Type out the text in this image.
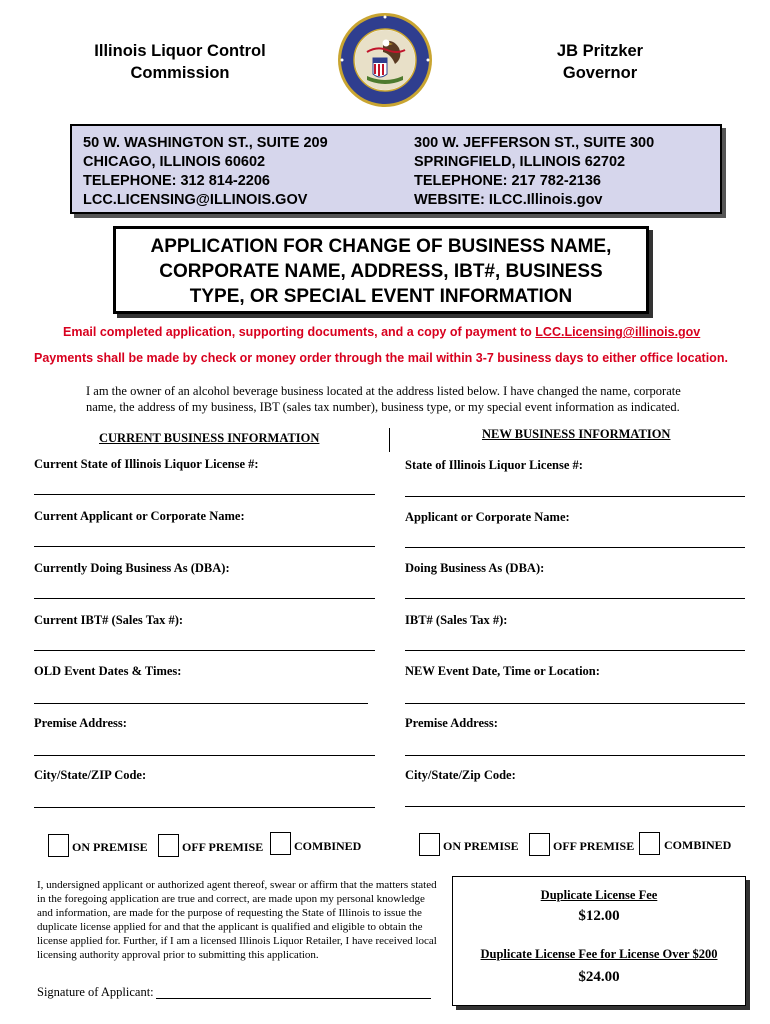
Illinois Liquor Control
Commission
JB Pritzker
Governor
50 W. WASHINGTON ST., SUITE 209
CHICAGO, ILLINOIS 60602
TELEPHONE: 312 814-2206
LCC.LICENSING@ILLINOIS.GOV
300 W. JEFFERSON ST., SUITE 300
SPRINGFIELD, ILLINOIS 62702
TELEPHONE: 217 782-2136
WEBSITE: ILCC.Illinois.gov
APPLICATION FOR CHANGE OF BUSINESS NAME,
CORPORATE NAME, ADDRESS, IBT#, BUSINESS
TYPE, OR SPECIAL EVENT INFORMATION
Email completed application, supporting documents, and a copy of payment to LCC.Licensing@illinois.gov
Payments shall be made by check or money order through the mail within 3-7 business days to either office location.
I am the owner of an alcohol beverage business located at the address listed below. I have changed the name, corporate name, the address of my business, IBT (sales tax number), business type, or my special event information as indicated.
CURRENT BUSINESS INFORMATION	NEW BUSINESS INFORMATION
Current State of Illinois Liquor License #:
Current Applicant or Corporate Name:
Currently Doing Business As (DBA):
Current IBT# (Sales Tax #):
OLD Event Dates & Times:
Premise Address:
City/State/ZIP Code:
State of Illinois Liquor License #:
Applicant or Corporate Name:
Doing Business As (DBA):
IBT# (Sales Tax #):
NEW Event Date, Time or Location:
Premise Address:
City/State/Zip Code:
ON PREMISE	OFF PREMISE	COMBINED	ON PREMISE	OFF PREMISE COMBINED
I, undersigned applicant or authorized agent thereof, swear or affirm that the matters stated in the foregoing application are true and correct, are made upon my personal knowledge and information, are made for the purpose of requesting the State of Illinois to issue the duplicate license applied for and that the applicant is qualified and eligible to obtain the license applied for. Further, if I am a licensed Illinois Liquor Retailer, I have received local licensing authority approval prior to submitting this application.
Signature of Applicant:
Duplicate License Fee
$12.00
Duplicate License Fee for License Over $200
$24.00
